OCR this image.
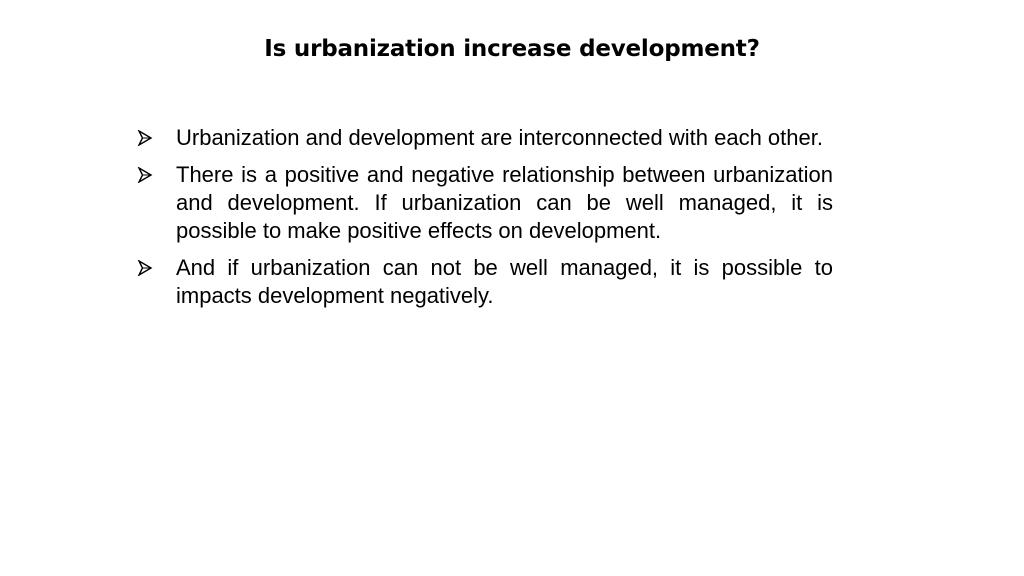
Is urbanization increase development?
Urbanization and development are interconnected with each other.
There is a positive and negative relationship between urbanization and development. If urbanization can be well managed, it is possible to make positive effects on development.
And if urbanization can not be well managed, it is possible to impacts development negatively.
